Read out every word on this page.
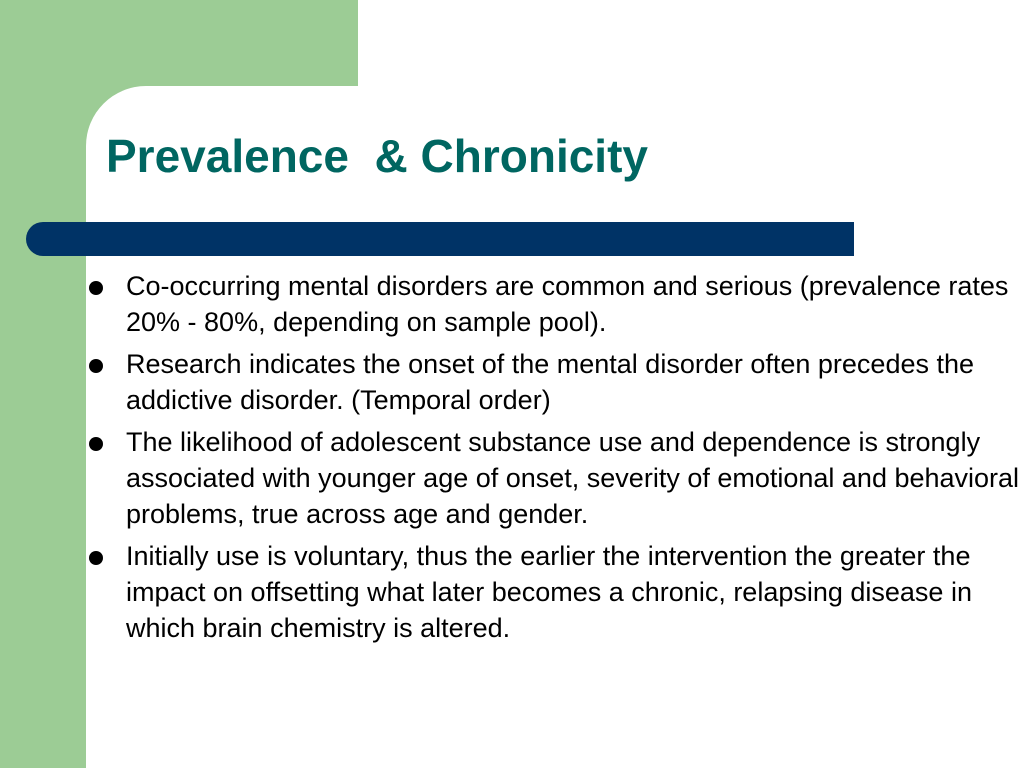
Prevalence  & Chronicity
Co-occurring mental disorders are common and serious (prevalence rates 20% - 80%, depending on sample pool).
Research indicates the onset of the mental disorder often precedes the addictive disorder. (Temporal order)
The likelihood of adolescent substance use and dependence is strongly associated with younger age of onset, severity of emotional and behavioral problems, true across age and gender.
Initially use is voluntary, thus the earlier the intervention the greater the impact on offsetting what later becomes a chronic, relapsing disease in which brain chemistry is altered.
